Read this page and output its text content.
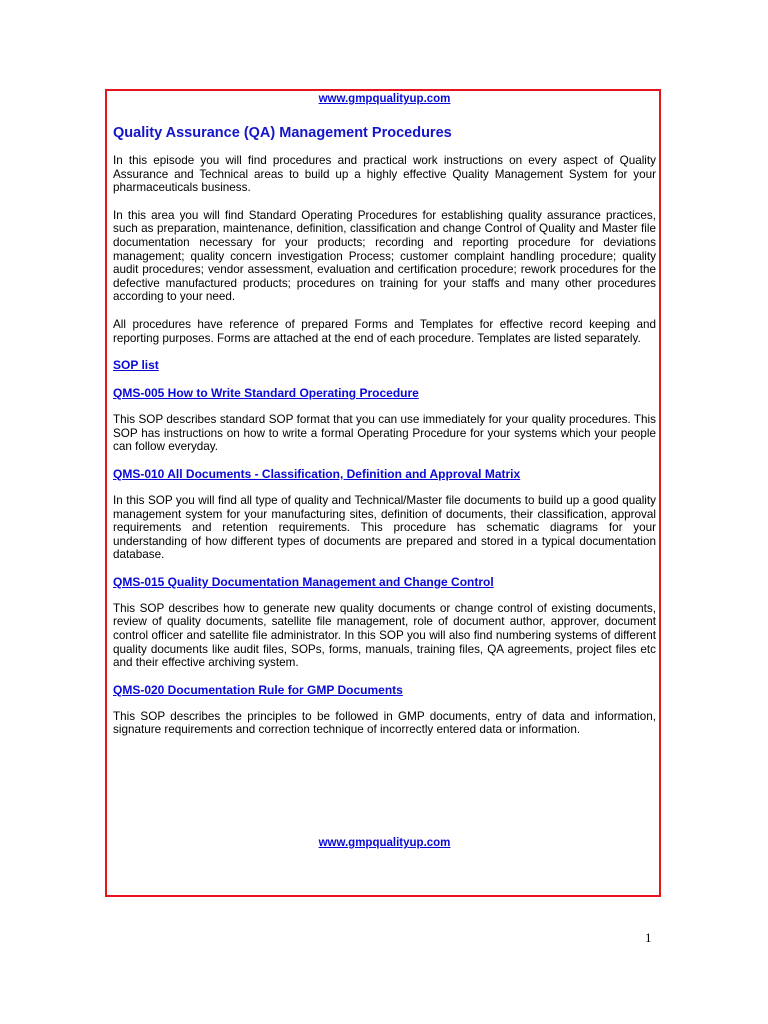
www.gmpqualityup.com
Quality Assurance (QA) Management Procedures

In this episode you will find procedures and practical work instructions on every aspect of Quality Assurance and Technical areas to build up a highly effective Quality Management System for your pharmaceuticals business.

In this area you will find Standard Operating Procedures for establishing quality assurance practices, such as preparation, maintenance, definition, classification and change Control of Quality and Master file documentation necessary for your products; recording and reporting procedure for deviations management; quality concern investigation Process; customer complaint handling procedure; quality audit procedures; vendor assessment, evaluation and certification procedure; rework procedures for the defective manufactured products; procedures on training for your staffs and many other procedures according to your need.

All procedures have reference of prepared Forms and Templates for effective record keeping and reporting purposes. Forms are attached at the end of each procedure. Templates are listed separately.

SOP list
QMS-005 How to Write Standard Operating Procedure

This SOP describes standard SOP format that you can use immediately for your quality procedures. This SOP has instructions on how to write a formal Operating Procedure for your systems which your people can follow everyday.

QMS-010 All Documents - Classification, Definition and Approval Matrix

In this SOP you will find all type of quality and Technical/Master file documents to build up a good quality management system for your manufacturing sites, definition of documents, their classification, approval requirements and retention requirements. This procedure has schematic diagrams for your understanding of how different types of documents are prepared and stored in a typical documentation database.

QMS-015 Quality Documentation Management and Change Control

This SOP describes how to generate new quality documents or change control of existing documents, review of quality documents, satellite file management, role of document author, approver, document control officer and satellite file administrator. In this SOP you will also find numbering systems of different quality documents like audit files, SOPs, forms, manuals, training files, QA agreements, project files etc and their effective archiving system.

QMS-020 Documentation Rule for GMP Documents

This SOP describes the principles to be followed in GMP documents, entry of data and information, signature requirements and correction technique of incorrectly entered data or information.

www.gmpqualityup.com
1
